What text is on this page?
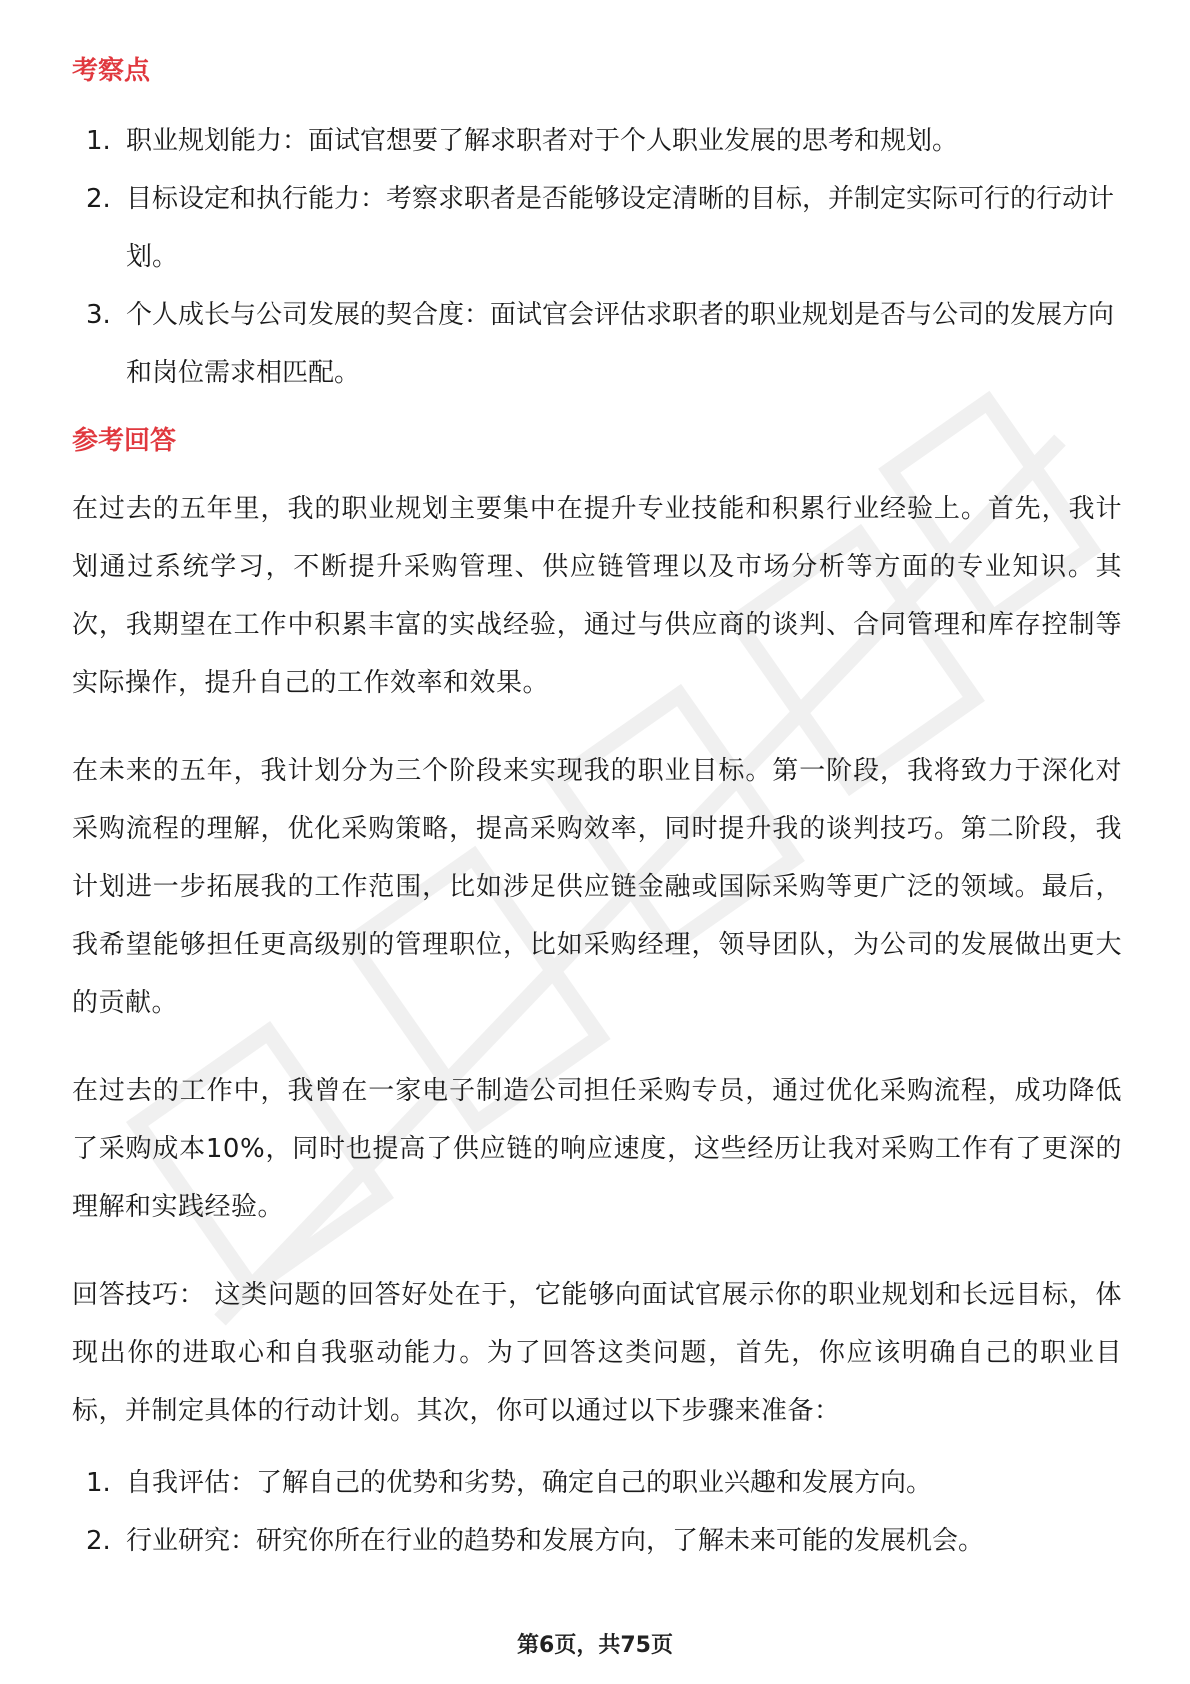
考察点
1. 职业规划能力：面试官想要了解求职者对于个人职业发展的思考和规划。
2. 目标设定和执行能力：考察求职者是否能够设定清晰的目标，并制定实际可行的行动计划。
3. 个人成长与公司发展的契合度：面试官会评估求职者的职业规划是否与公司的发展方向和岗位需求相匹配。
参考回答

在过去的五年里，我的职业规划主要集中在提升专业技能和积累行业经验上。首先，我计划通过系统学习，不断提升采购管理、供应链管理以及市场分析等方面的专业知识。其次，我期望在工作中积累丰富的实战经验，通过与供应商的谈判、合同管理和库存控制等实际操作，提升自己的工作效率和效果。

在未来的五年，我计划分为三个阶段来实现我的职业目标。第一阶段，我将致力于深化对采购流程的理解，优化采购策略，提高采购效率，同时提升我的谈判技巧。第二阶段，我计划进一步拓展我的工作范围，比如涉足供应链金融或国际采购等更广泛的领域。最后，我希望能够担任更高级别的管理职位，比如采购经理，领导团队，为公司的发展做出更大的贡献。

在过去的工作中，我曾在一家电子制造公司担任采购专员，通过优化采购流程，成功降低了采购成本10%，同时也提高了供应链的响应速度，这些经历让我对采购工作有了更深的理解和实践经验。

回答技巧： 这类问题的回答好处在于，它能够向面试官展示你的职业规划和长远目标，体现出你的进取心和自我驱动能力。为了回答这类问题，首先，你应该明确自己的职业目标，并制定具体的行动计划。其次，你可以通过以下步骤来准备：

1. 自我评估：了解自己的优势和劣势，确定自己的职业兴趣和发展方向。
2. 行业研究：研究你所在行业的趋势和发展方向，了解未来可能的发展机会。
第6页，共75页
